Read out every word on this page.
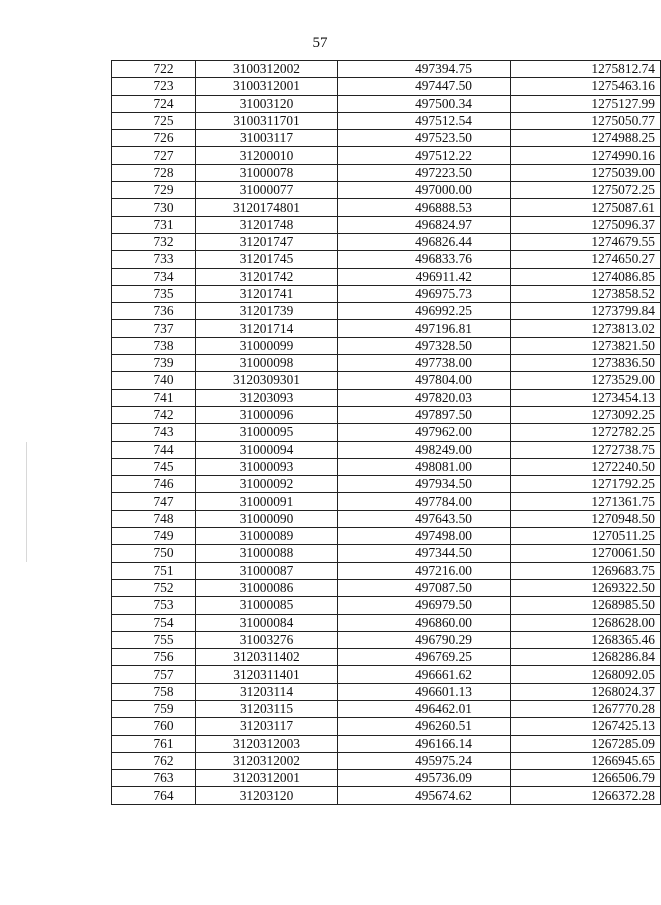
57
722	3100312002	497394.75	1275812.74
723	3100312001	497447.50	1275463.16
724	31003120	497500.34	1275127.99
725	3100311701	497512.54	1275050.77
726	31003117	497523.50	1274988.25
727	31200010	497512.22	1274990.16
728	31000078	497223.50	1275039.00
729	31000077	497000.00	1275072.25
730	3120174801	496888.53	1275087.61
731	31201748	496824.97	1275096.37
732	31201747	496826.44	1274679.55
733	31201745	496833.76	1274650.27
734	31201742	496911.42	1274086.85
735	31201741	496975.73	1273858.52
736	31201739	496992.25	1273799.84
737	31201714	497196.81	1273813.02
738	31000099	497328.50	1273821.50
739	31000098	497738.00	1273836.50
740	3120309301	497804.00	1273529.00
741	31203093	497820.03	1273454.13
742	31000096	497897.50	1273092.25
743	31000095	497962.00	1272782.25
744	31000094	498249.00	1272738.75
745	31000093	498081.00	1272240.50
746	31000092	497934.50	1271792.25
747	31000091	497784.00	1271361.75
748	31000090	497643.50	1270948.50
749	31000089	497498.00	1270511.25
750	31000088	497344.50	1270061.50
751	31000087	497216.00	1269683.75
752	31000086	497087.50	1269322.50
753	31000085	496979.50	1268985.50
754	31000084	496860.00	1268628.00
755	31003276	496790.29	1268365.46
756	3120311402	496769.25	1268286.84
757	3120311401	496661.62	1268092.05
758	31203114	496601.13	1268024.37
759	31203115	496462.01	1267770.28
760	31203117	496260.51	1267425.13
761	3120312003	496166.14	1267285.09
762	3120312002	495975.24	1266945.65
763	3120312001	495736.09	1266506.79
764	31203120	495674.62	1266372.28
